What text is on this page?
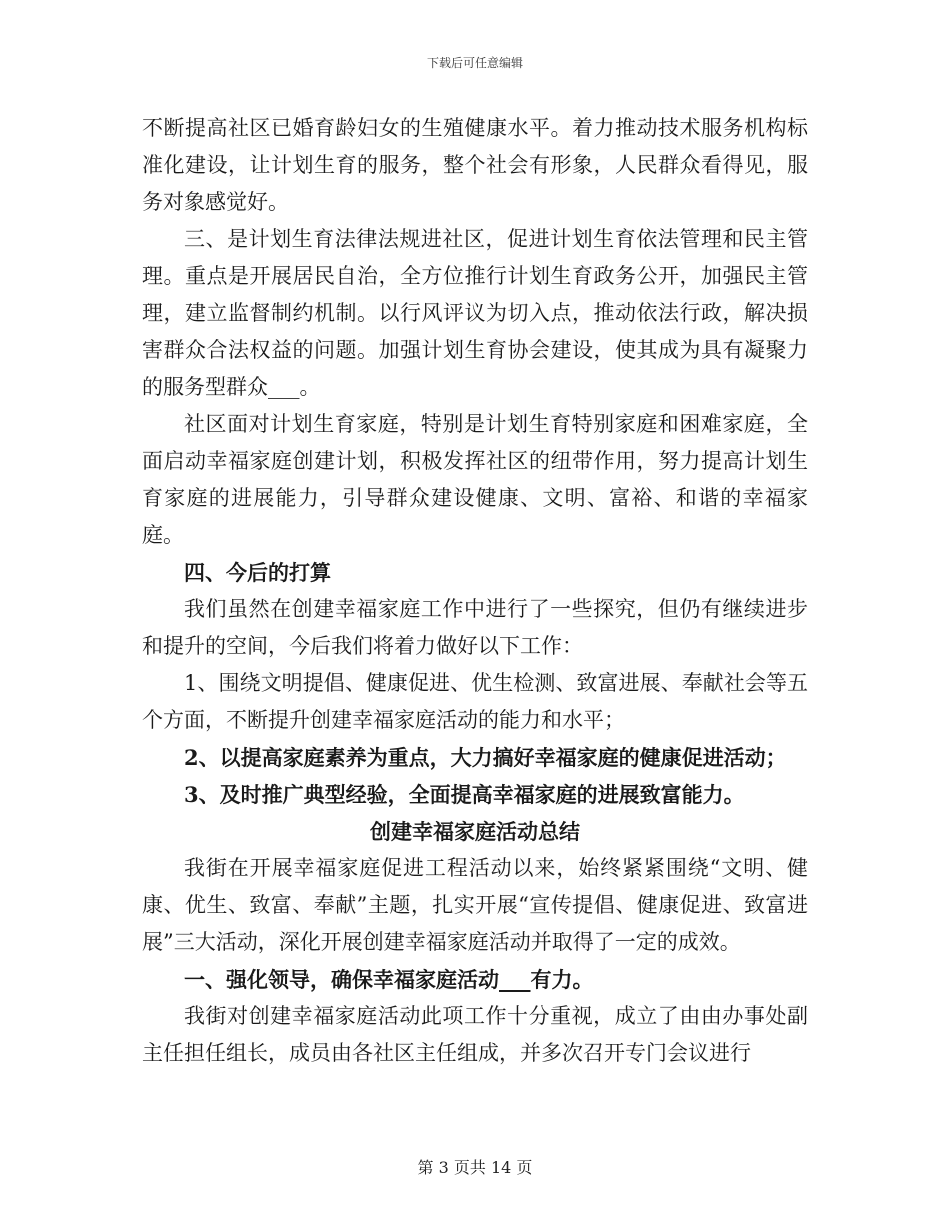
下载后可任意编辑

不断提高社区已婚育龄妇女的生殖健康水平。着力推动技术服务机构标准化建设，让计划生育的服务，整个社会有形象，人民群众看得见，服务对象感觉好。

三、是计划生育法律法规进社区，促进计划生育依法管理和民主管理。重点是开展居民自治，全方位推行计划生育政务公开，加强民主管理，建立监督制约机制。以行风评议为切入点，推动依法行政，解决损害群众合法权益的问题。加强计划生育协会建设，使其成为具有凝聚力的服务型群众___。

社区面对计划生育家庭，特别是计划生育特别家庭和困难家庭，全面启动幸福家庭创建计划，积极发挥社区的纽带作用，努力提高计划生育家庭的进展能力，引导群众建设健康、文明、富裕、和谐的幸福家庭。

四、今后的打算

我们虽然在创建幸福家庭工作中进行了一些探究，但仍有继续进步和提升的空间，今后我们将着力做好以下工作：

1、围绕文明提倡、健康促进、优生检测、致富进展、奉献社会等五个方面，不断提升创建幸福家庭活动的能力和水平；

2、以提高家庭素养为重点，大力搞好幸福家庭的健康促进活动；

3、及时推广典型经验，全面提高幸福家庭的进展致富能力。

创建幸福家庭活动总结

我街在开展幸福家庭促进工程活动以来，始终紧紧围绕“文明、健康、优生、致富、奉献”主题，扎实开展“宣传提倡、健康促进、致富进展”三大活动，深化开展创建幸福家庭活动并取得了一定的成效。

一、强化领导，确保幸福家庭活动___有力。

我街对创建幸福家庭活动此项工作十分重视，成立了由由办事处副主任担任组长，成员由各社区主任组成，并多次召开专门会议进行

第 3 页共 14 页
